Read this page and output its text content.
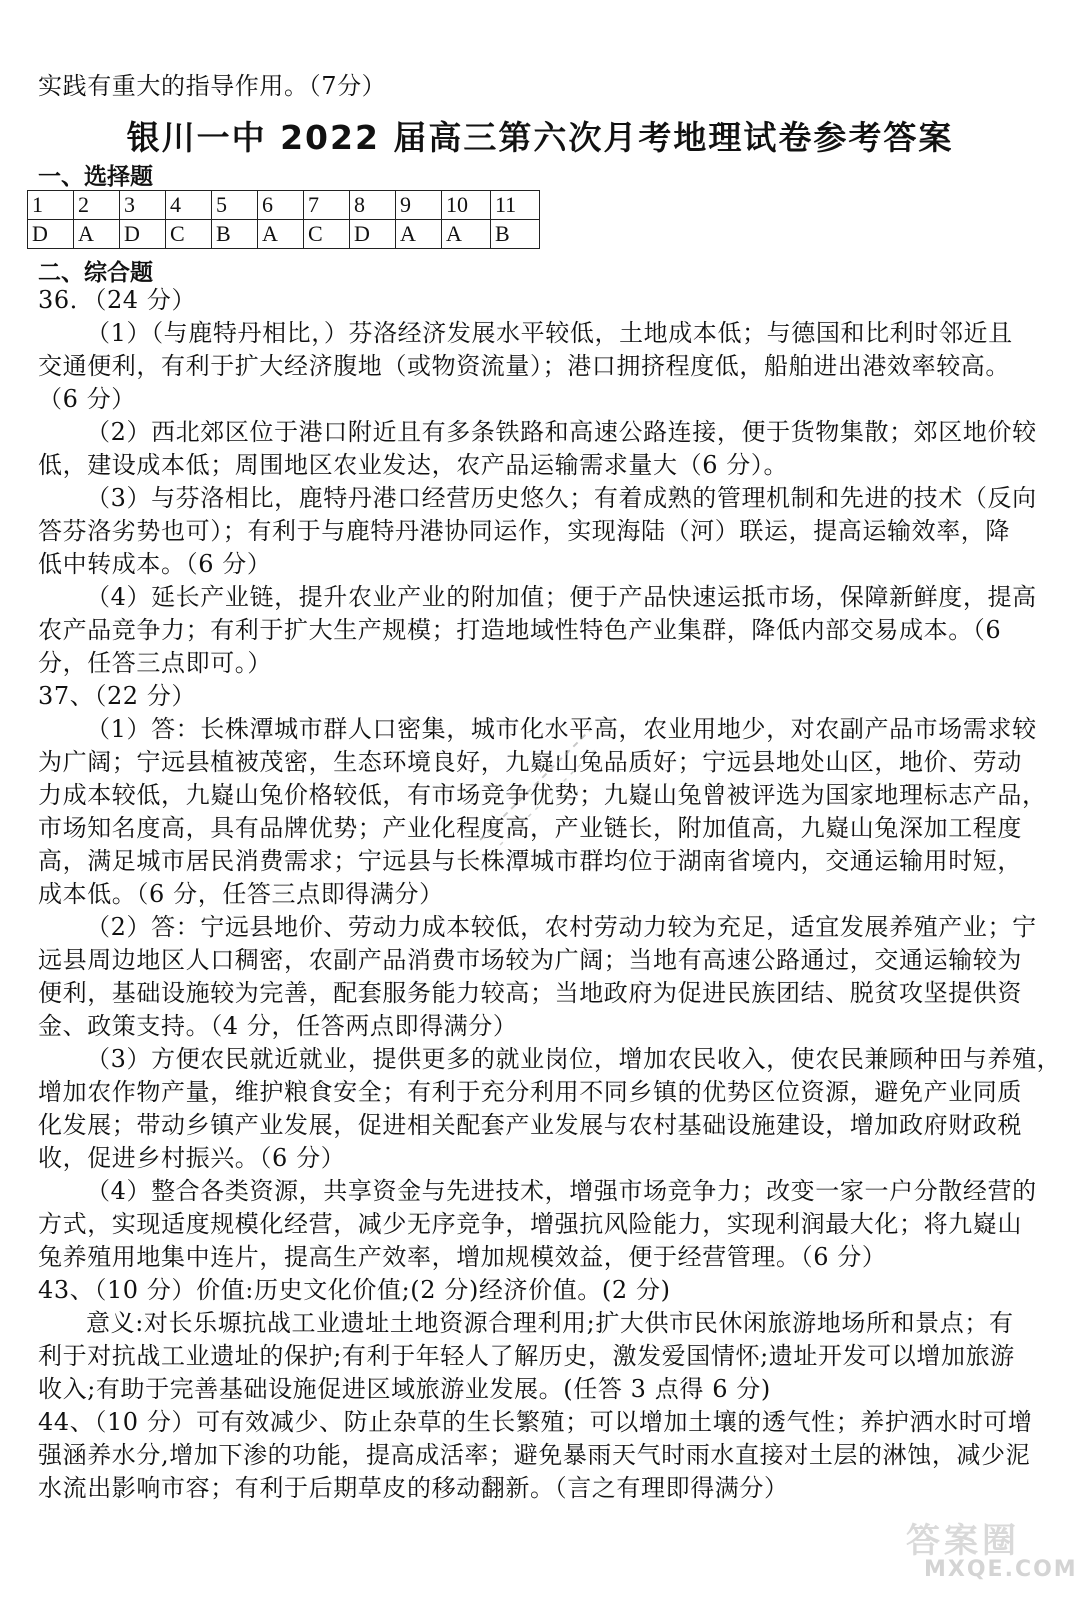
实践有重大的指导作用。（7分）
银川一中 2022 届高三第六次月考地理试卷参考答案
一、选择题
1	2	3	4	5	6	7	8	9	10	11
D	A	D	C	B	A	C	D	A	A	B
二、综合题
36．（24 分）
（1）（与鹿特丹相比，）芬洛经济发展水平较低，土地成本低；与德国和比利时邻近且
交通便利，有利于扩大经济腹地（或物资流量）；港口拥挤程度低，船舶进出港效率较高。
（6 分）
（2）西北郊区位于港口附近且有多条铁路和高速公路连接，便于货物集散；郊区地价较
低，建设成本低；周围地区农业发达，农产品运输需求量大（6 分）。
（3）与芬洛相比，鹿特丹港口经营历史悠久；有着成熟的管理机制和先进的技术（反向
答芬洛劣势也可）；有利于与鹿特丹港协同运作，实现海陆（河）联运，提高运输效率，降
低中转成本。（6 分）
（4）延长产业链，提升农业产业的附加值；便于产品快速运抵市场，保障新鲜度，提高
农产品竞争力；有利于扩大生产规模；打造地域性特色产业集群，降低内部交易成本。（6
分，任答三点即可。）
37、（22 分）
（1）答：长株潭城市群人口密集，城市化水平高，农业用地少，对农副产品市场需求较
为广阔；宁远县植被茂密，生态环境良好，九嶷山兔品质好；宁远县地处山区，地价、劳动
力成本较低，九嶷山兔价格较低，有市场竞争优势；九嶷山兔曾被评选为国家地理标志产品，
市场知名度高，具有品牌优势；产业化程度高，产业链长，附加值高，九嶷山兔深加工程度
高，满足城市居民消费需求；宁远县与长株潭城市群均位于湖南省境内，交通运输用时短，
成本低。（6 分，任答三点即得满分）
（2）答：宁远县地价、劳动力成本较低，农村劳动力较为充足，适宜发展养殖产业；宁
远县周边地区人口稠密，农副产品消费市场较为广阔；当地有高速公路通过，交通运输较为
便利，基础设施较为完善，配套服务能力较高；当地政府为促进民族团结、脱贫攻坚提供资
金、政策支持。（4 分，任答两点即得满分）
（3）方便农民就近就业，提供更多的就业岗位，增加农民收入，使农民兼顾种田与养殖，
增加农作物产量，维护粮食安全；有利于充分利用不同乡镇的优势区位资源，避免产业同质
化发展；带动乡镇产业发展，促进相关配套产业发展与农村基础设施建设，增加政府财政税
收，促进乡村振兴。（6 分）
（4）整合各类资源，共享资金与先进技术，增强市场竞争力；改变一家一户分散经营的
方式，实现适度规模化经营，减少无序竞争，增强抗风险能力，实现利润最大化；将九嶷山
兔养殖用地集中连片，提高生产效率，增加规模效益，便于经营管理。（6 分）
43、（10 分）价值:历史文化价值;(2 分)经济价值。(2 分)
意义:对长乐塬抗战工业遗址土地资源合理利用;扩大供市民休闲旅游地场所和景点；有
利于对抗战工业遗址的保护;有利于年轻人了解历史，激发爱国情怀;遗址开发可以增加旅游
收入;有助于完善基础设施促进区域旅游业发展。(任答 3 点得 6 分)
44、（10 分）可有效减少、防止杂草的生长繁殖；可以增加土壤的透气性；养护洒水时可增
强涵养水分,增加下渗的功能，提高成活率；避免暴雨天气时雨水直接对土层的淋蚀，减少泥
水流出影响市容；有利于后期草皮的移动翻新。（言之有理即得满分）
答案圈
MXQE.COM
